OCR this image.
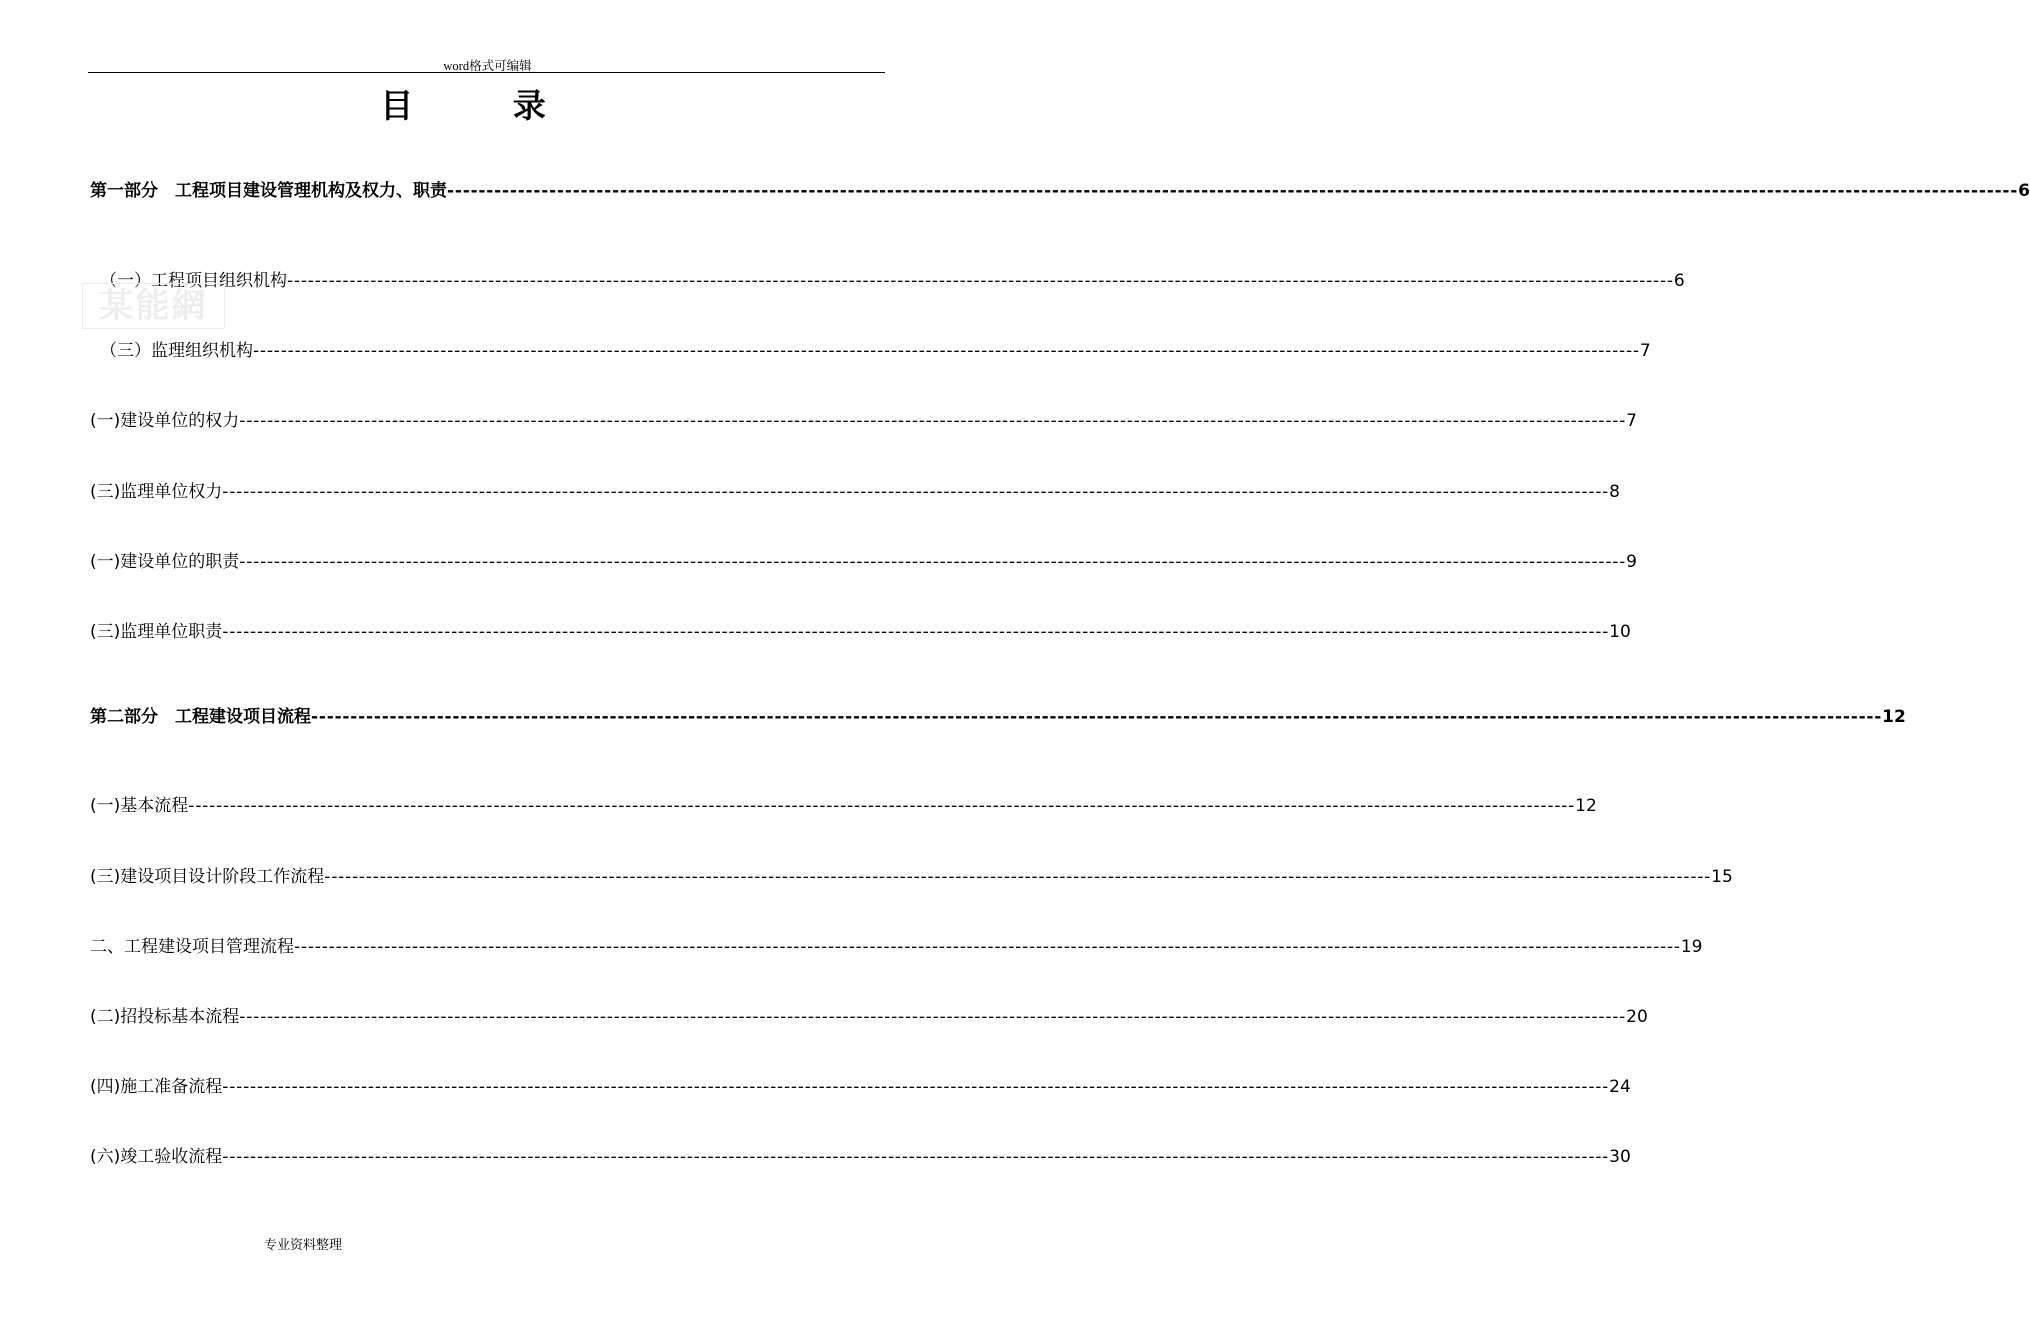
word格式可编辑
目 录
第一部分　工程项目建设管理机构及权力、职责 -------------------------------------------------------------------------------------------------------------------------------------------------------------------------------------------------------- 6
（一）工程项目组织机构 -------------------------------------------------------------------------------------------------------------------------------------------------------------------------------------------------------- 6
（三）监理组织机构 -------------------------------------------------------------------------------------------------------------------------------------------------------------------------------------------------------- 7
(一)建设单位的权力 -------------------------------------------------------------------------------------------------------------------------------------------------------------------------------------------------------- 7
(三)监理单位权力 -------------------------------------------------------------------------------------------------------------------------------------------------------------------------------------------------------- 8
(一)建设单位的职责 -------------------------------------------------------------------------------------------------------------------------------------------------------------------------------------------------------- 9
(三)监理单位职责 -------------------------------------------------------------------------------------------------------------------------------------------------------------------------------------------------------- 10
第二部分　工程建设项目流程 -------------------------------------------------------------------------------------------------------------------------------------------------------------------------------------------------------- 12
(一)基本流程 -------------------------------------------------------------------------------------------------------------------------------------------------------------------------------------------------------- 12
(三)建设项目设计阶段工作流程 -------------------------------------------------------------------------------------------------------------------------------------------------------------------------------------------------------- 15
二、工程建设项目管理流程 -------------------------------------------------------------------------------------------------------------------------------------------------------------------------------------------------------- 19
(二)招投标基本流程 -------------------------------------------------------------------------------------------------------------------------------------------------------------------------------------------------------- 20
(四)施工准备流程 -------------------------------------------------------------------------------------------------------------------------------------------------------------------------------------------------------- 24
(六)竣工验收流程 -------------------------------------------------------------------------------------------------------------------------------------------------------------------------------------------------------- 30
某能網
专业资料整理
